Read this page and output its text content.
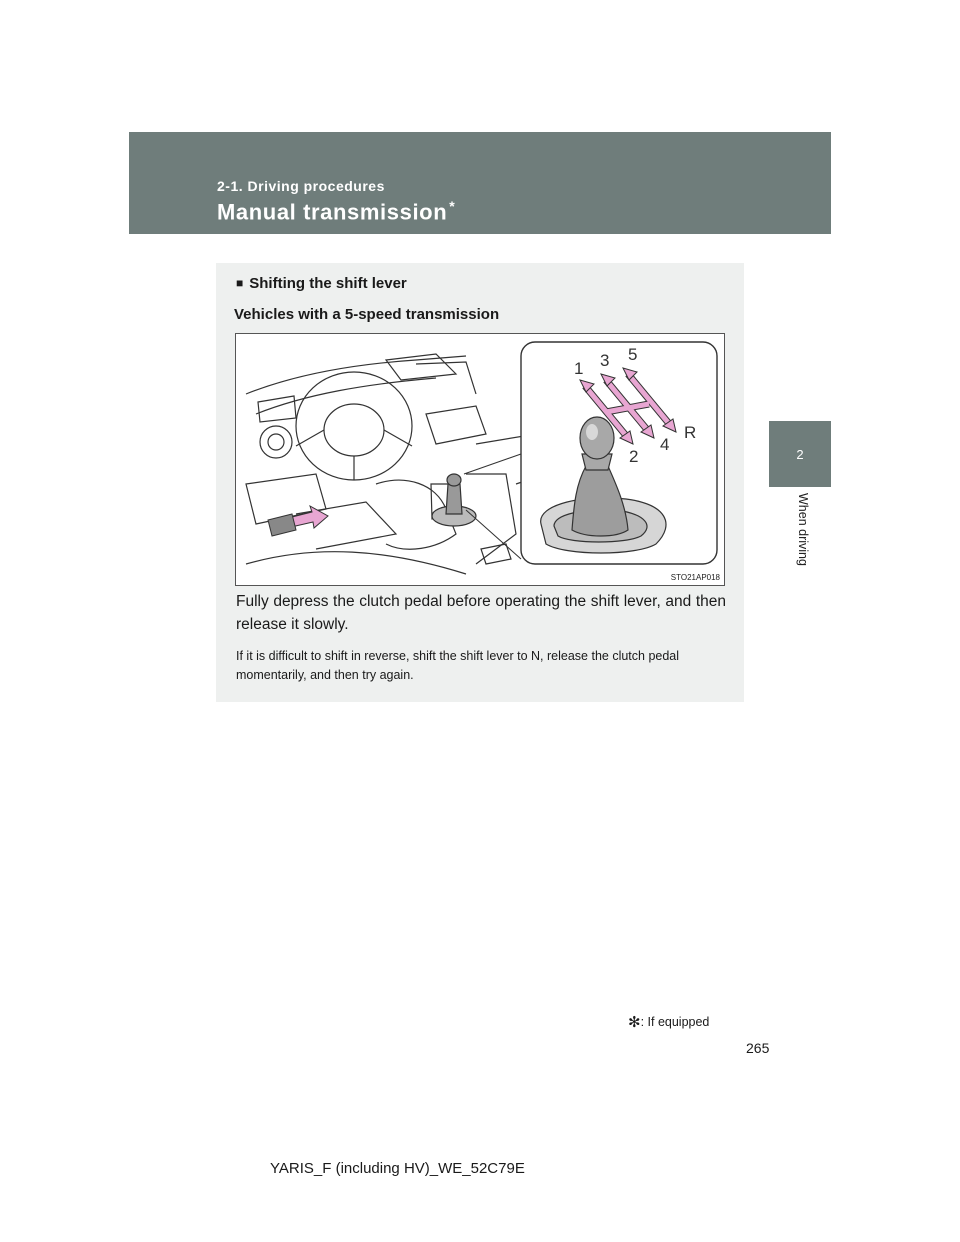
2-1. Driving procedures
Manual transmission *
2
When driving
■ Shifting the shift lever
Vehicles with a 5-speed transmission
1
2
3
4
5
R
STO21AP018
Fully depress the clutch pedal before operating the shift lever, and then release it slowly.
If it is difficult to shift in reverse, shift the shift lever to N, release the clutch pedal momentarily, and then try again.
✻: If equipped
265
YARIS_F (including HV)_WE_52C79E
